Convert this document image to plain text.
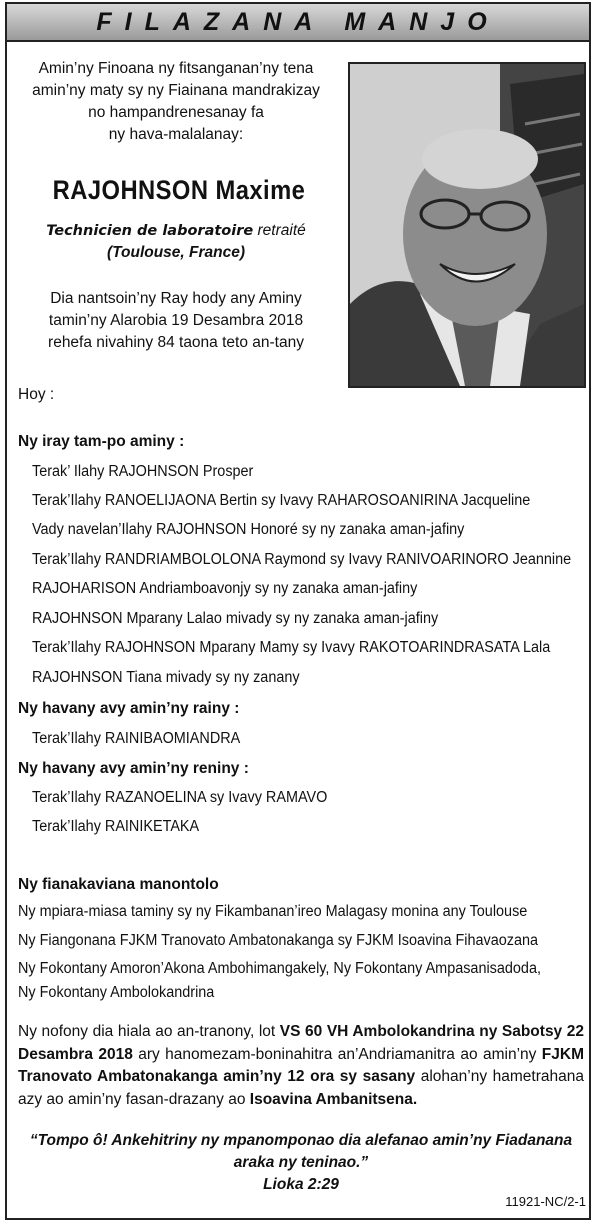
FILAZANA MANJO
Amin’ny Finoana ny fitsanganan’ny tena
amin’ny maty sy ny Fiainana mandrakizay
no hampandrenesanay fa
ny hava-malalanay:
RAJOHNSON Maxime
Technicien de laboratoire retraité
(Toulouse, France)
Dia nantsoin’ny Ray hody any Aminy
tamin’ny Alarobia 19 Desambra 2018
rehefa nivahiny 84 taona teto an-tany
Hoy :
Ny iray tam-po aminy :
Terak’ Ilahy RAJOHNSON Prosper
Terak’Ilahy RANOELIJAONA Bertin sy Ivavy RAHAROSOANIRINA Jacqueline
Vady navelan’Ilahy RAJOHNSON Honoré sy ny zanaka aman-jafiny
Terak’Ilahy RANDRIAMBOLOLONA Raymond sy Ivavy RANIVOARINORO Jeannine
RAJOHARISON Andriamboavonjy sy ny zanaka aman-jafiny
RAJOHNSON Mparany Lalao mivady sy ny zanaka aman-jafiny
Terak’Ilahy RAJOHNSON Mparany Mamy sy Ivavy RAKOTOARINDRASATA Lala
RAJOHNSON Tiana mivady sy ny zanany
Ny havany avy amin’ny rainy :
Terak’Ilahy RAINIBAOMIANDRA
Ny havany avy amin’ny reniny :
Terak’Ilahy RAZANOELINA sy Ivavy RAMAVO
Terak’Ilahy RAINIKETAKA
Ny fianakaviana manontolo
Ny mpiara-miasa taminy sy ny Fikambanan’ireo Malagasy monina any Toulouse
Ny Fiangonana FJKM Tranovato Ambatonakanga sy FJKM Isoavina Fihavaozana
Ny Fokontany Amoron’Akona Ambohimangakely, Ny Fokontany Ampasanisadoda,
Ny Fokontany Ambolokandrina
Ny nofony dia hiala ao an-tranony, lot VS 60 VH Ambolokandrina ny Sabotsy 22 Desambra 2018 ary hanomezam-boninahitra an’Andriamanitra ao amin’ny FJKM Tranovato Ambatonakanga amin’ny 12 ora sy sasany alohan’ny hametrahana azy ao amin’ny fasan-drazany ao Isoavina Ambanitsena.
“Tompo ô! Ankehitriny ny mpanomponao dia alefanao amin’ny Fiadanana araka ny teninao.”
Lioka 2:29
11921-NC/2-1
